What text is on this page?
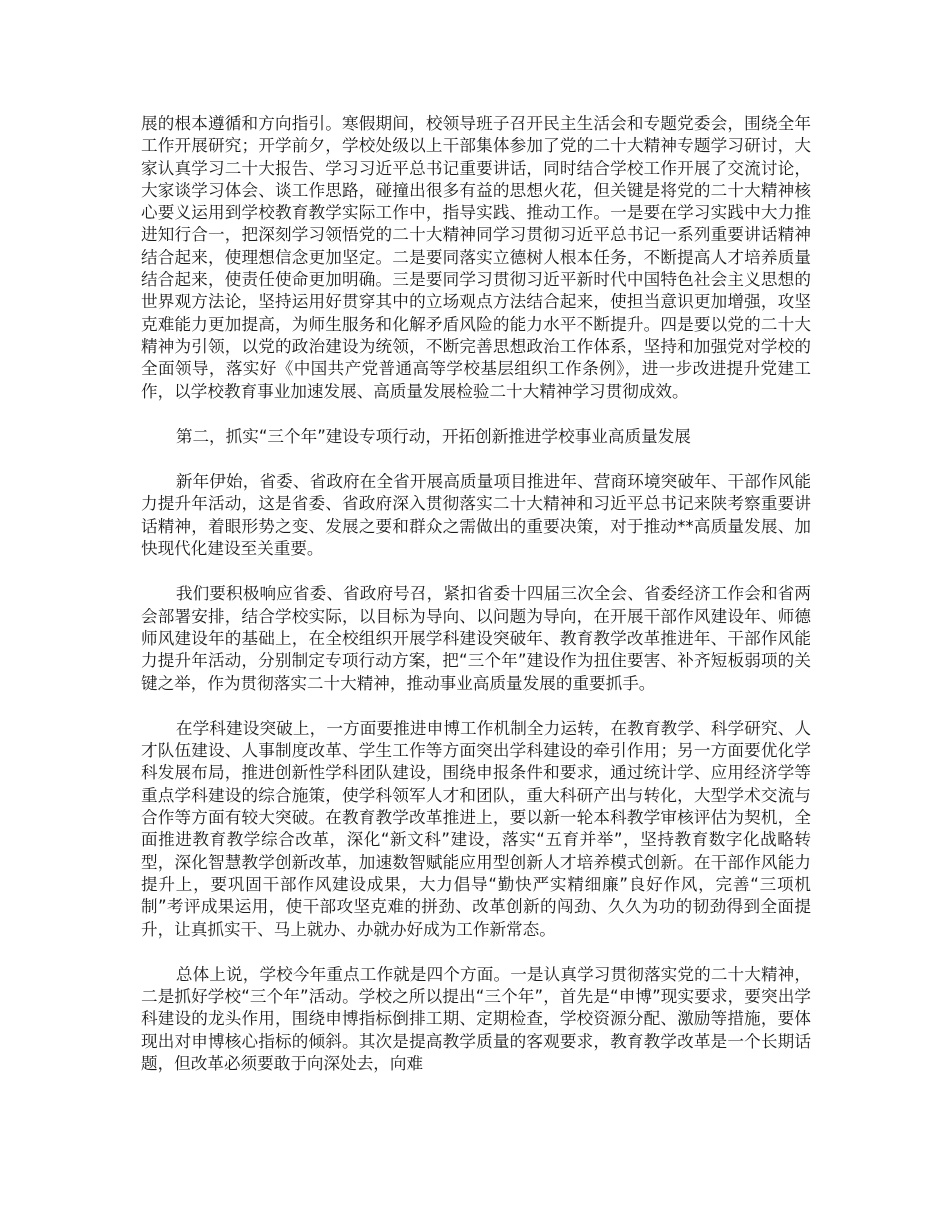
展的根本遵循和方向指引。寒假期间，校领导班子召开民主生活会和专题党委会，围绕全年工作开展研究；开学前夕，学校处级以上干部集体参加了党的二十大精神专题学习研讨，大家认真学习二十大报告、学习习近平总书记重要讲话，同时结合学校工作开展了交流讨论，大家谈学习体会、谈工作思路，碰撞出很多有益的思想火花，但关键是将党的二十大精神核心要义运用到学校教育教学实际工作中，指导实践、推动工作。一是要在学习实践中大力推进知行合一，把深刻学习领悟党的二十大精神同学习贯彻习近平总书记一系列重要讲话精神结合起来，使理想信念更加坚定。二是要同落实立德树人根本任务，不断提高人才培养质量结合起来，使责任使命更加明确。三是要同学习贯彻习近平新时代中国特色社会主义思想的世界观方法论，坚持运用好贯穿其中的立场观点方法结合起来，使担当意识更加增强，攻坚克难能力更加提高，为师生服务和化解矛盾风险的能力水平不断提升。四是要以党的二十大精神为引领，以党的政治建设为统领，不断完善思想政治工作体系，坚持和加强党对学校的全面领导，落实好《中国共产党普通高等学校基层组织工作条例》，进一步改进提升党建工作，以学校教育事业加速发展、高质量发展检验二十大精神学习贯彻成效。

第二，抓实“三个年”建设专项行动，开拓创新推进学校事业高质量发展

新年伊始，省委、省政府在全省开展高质量项目推进年、营商环境突破年、干部作风能力提升年活动，这是省委、省政府深入贯彻落实二十大精神和习近平总书记来陕考察重要讲话精神，着眼形势之变、发展之要和群众之需做出的重要决策，对于推动**高质量发展、加快现代化建设至关重要。

我们要积极响应省委、省政府号召，紧扣省委十四届三次全会、省委经济工作会和省两会部署安排，结合学校实际，以目标为导向、以问题为导向，在开展干部作风建设年、师德师风建设年的基础上，在全校组织开展学科建设突破年、教育教学改革推进年、干部作风能力提升年活动，分别制定专项行动方案，把“三个年”建设作为扭住要害、补齐短板弱项的关键之举，作为贯彻落实二十大精神，推动事业高质量发展的重要抓手。

在学科建设突破上，一方面要推进申博工作机制全力运转，在教育教学、科学研究、人才队伍建设、人事制度改革、学生工作等方面突出学科建设的牵引作用；另一方面要优化学科发展布局，推进创新性学科团队建设，围绕申报条件和要求，通过统计学、应用经济学等重点学科建设的综合施策，使学科领军人才和团队，重大科研产出与转化，大型学术交流与合作等方面有较大突破。在教育教学改革推进上，要以新一轮本科教学审核评估为契机，全面推进教育教学综合改革，深化“新文科”建设，落实“五育并举”，坚持教育数字化战略转型，深化智慧教学创新改革，加速数智赋能应用型创新人才培养模式创新。在干部作风能力提升上，要巩固干部作风建设成果，大力倡导“勤快严实精细廉”良好作风，完善“三项机制”考评成果运用，使干部攻坚克难的拼劲、改革创新的闯劲、久久为功的韧劲得到全面提升，让真抓实干、马上就办、办就办好成为工作新常态。

总体上说，学校今年重点工作就是四个方面。一是认真学习贯彻落实党的二十大精神，二是抓好学校“三个年”活动。学校之所以提出“三个年”，首先是“申博”现实要求，要突出学科建设的龙头作用，围绕申博指标倒排工期、定期检查，学校资源分配、激励等措施，要体现出对申博核心指标的倾斜。其次是提高教学质量的客观要求，教育教学改革是一个长期话题，但改革必须要敢于向深处去，向难
